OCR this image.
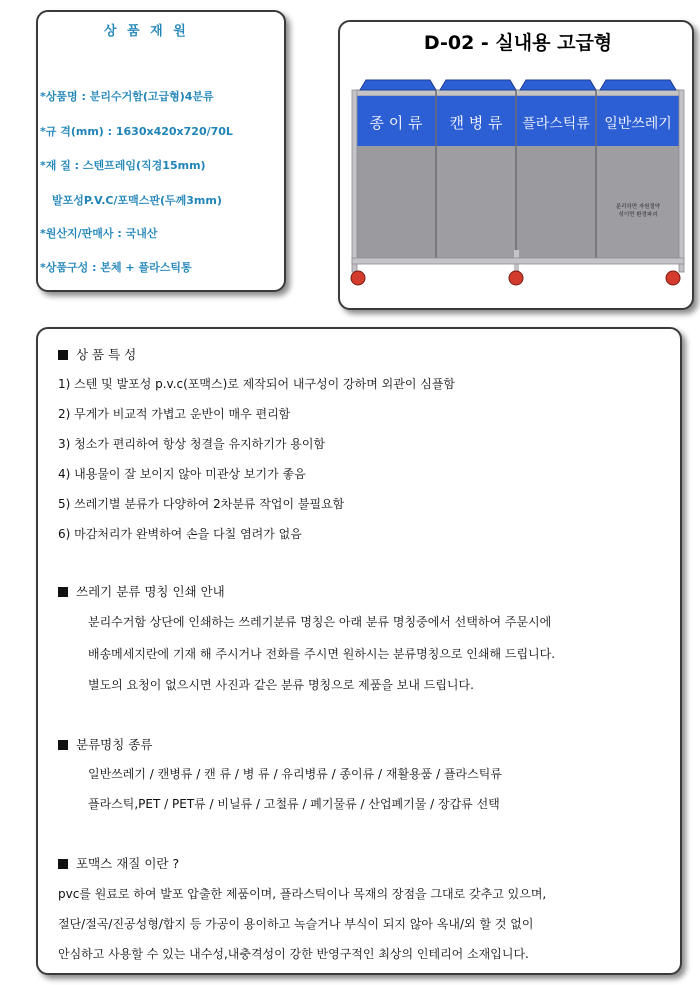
상 품 재 원
*상품명 : 분리수거함(고급형)4분류
*규 격(mm) : 1630x420x720/70L
*재 질 : 스텐프레임(직경15mm)
발포성P.V.C/포맥스판(두께3mm)
*원산지/판매사 : 국내산
*상품구성 : 본체 + 플라스틱통
D-02 - 실내용 고급형
종 이 류 캔 병 류 플라스틱류 일반쓰레기
분리하면 자원절약
섞이면 환경파괴
상 품 특 성
1) 스텐 및 발포성 p.v.c(포맥스)로 제작되어 내구성이 강하며 외관이 심플함
2) 무게가 비교적 가볍고 운반이 매우 편리함
3) 청소가 편리하여 항상 청결을 유지하기가 용이함
4) 내용물이 잘 보이지 않아 미관상 보기가 좋음
5) 쓰레기별 분류가 다양하여 2차분류 작업이 불필요함
6) 마감처리가 완벽하여 손을 다칠 염려가 없음
쓰레기 분류 명칭 인쇄 안내
분리수거함 상단에 인쇄하는 쓰레기분류 명칭은 아래 분류 명칭중에서 선택하여 주문시에
배송메세지란에 기재 해 주시거나 전화를 주시면 원하시는 분류명칭으로 인쇄해 드립니다.
별도의 요청이 없으시면 사진과 같은 분류 명칭으로 제품을 보내 드립니다.
분류명칭 종류
일반쓰레기 / 캔병류 / 캔 류 / 병 류 / 유리병류 / 종이류 / 재활용품 / 플라스틱류
플라스틱,PET / PET류 / 비닐류 / 고철류 / 폐기물류 / 산업폐기물 / 장갑류 선택
포맥스 재질 이란 ?
pvc를 원료로 하여 발포 압출한 제품이며, 플라스틱이나 목재의 장점을 그대로 갖추고 있으며,
절단/절곡/진공성형/합지 등 가공이 용이하고 녹슬거나 부식이 되지 않아 옥내/외 할 것 없이
안심하고 사용할 수 있는 내수성,내충격성이 강한 반영구적인 최상의 인테리어 소재입니다.
